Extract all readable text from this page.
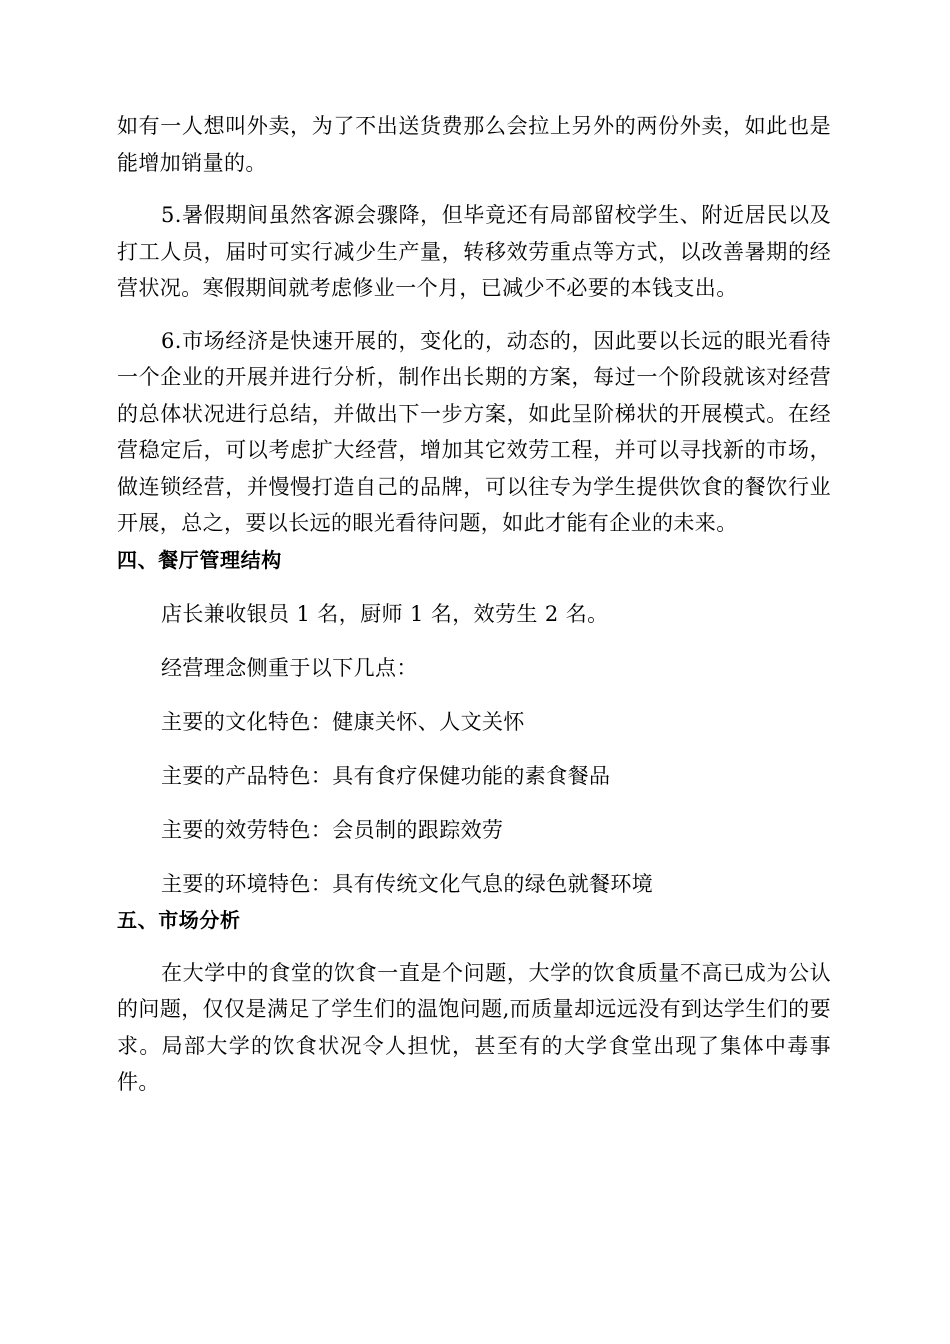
如有一人想叫外卖，为了不出送货费那么会拉上另外的两份外卖，如此也是能增加销量的。

5.暑假期间虽然客源会骤降，但毕竟还有局部留校学生、附近居民以及打工人员，届时可实行减少生产量，转移效劳重点等方式，以改善暑期的经营状况。寒假期间就考虑修业一个月，已减少不必要的本钱支出。

6.市场经济是快速开展的，变化的，动态的，因此要以长远的眼光看待一个企业的开展并进行分析，制作出长期的方案，每过一个阶段就该对经营的总体状况进行总结，并做出下一步方案，如此呈阶梯状的开展模式。在经营稳定后，可以考虑扩大经营，增加其它效劳工程，并可以寻找新的市场，做连锁经营，并慢慢打造自己的品牌，可以往专为学生提供饮食的餐饮行业开展，总之，要以长远的眼光看待问题，如此才能有企业的未来。

四、餐厅管理结构

店长兼收银员 1 名，厨师 1 名，效劳生 2 名。

经营理念侧重于以下几点：

主要的文化特色：健康关怀、人文关怀

主要的产品特色：具有食疗保健功能的素食餐品

主要的效劳特色：会员制的跟踪效劳

主要的环境特色：具有传统文化气息的绿色就餐环境

五、市场分析

在大学中的食堂的饮食一直是个问题，大学的饮食质量不高已成为公认的问题，仅仅是满足了学生们的温饱问题,而质量却远远没有到达学生们的要求。局部大学的饮食状况令人担忧，甚至有的大学食堂出现了集体中毒事件。
